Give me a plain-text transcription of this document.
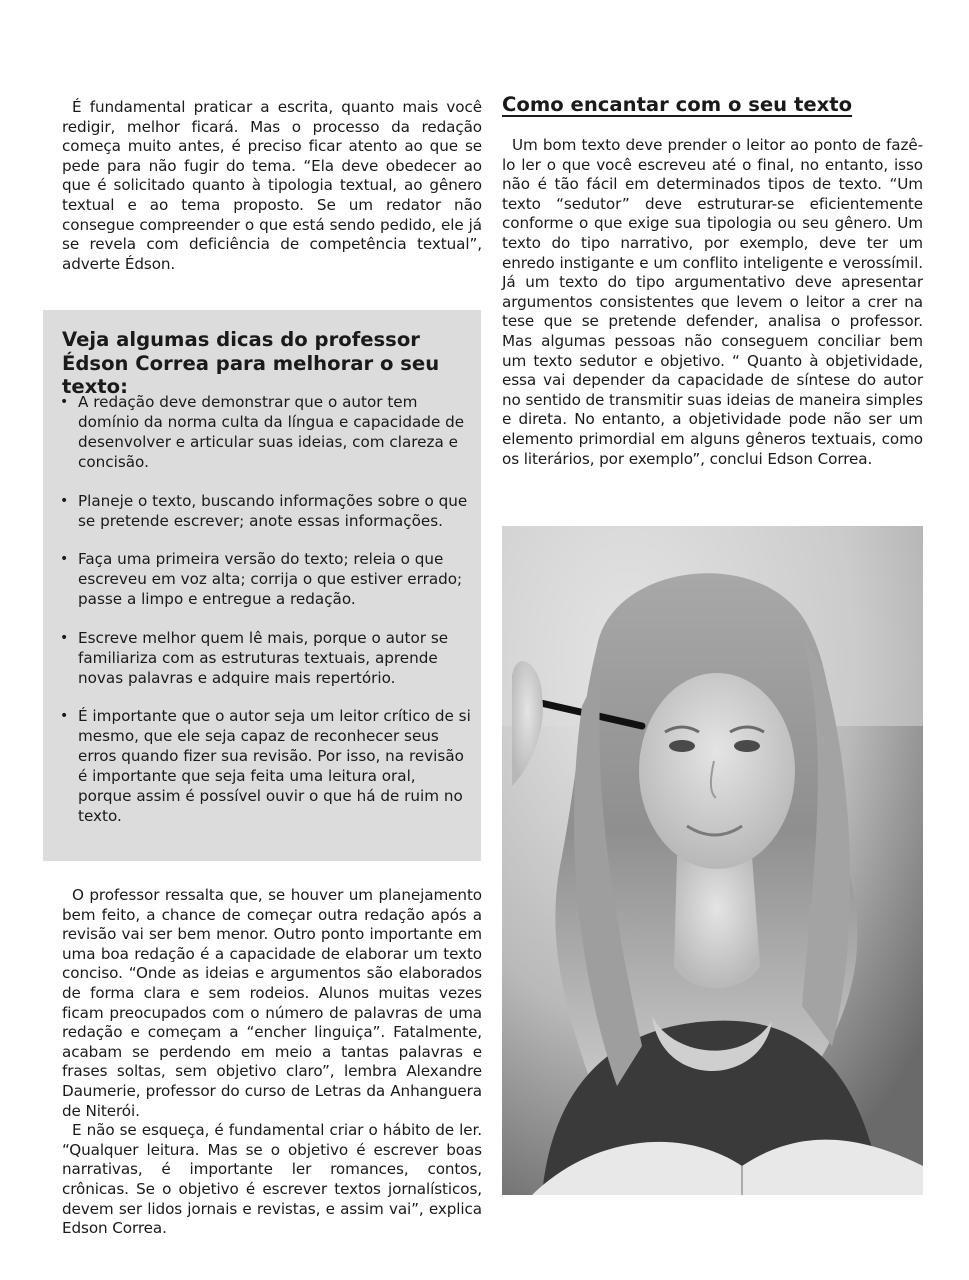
É fundamental praticar a escrita, quanto mais você redigir, melhor ficará. Mas o processo da redação começa muito antes, é preciso ficar atento ao que se pede para não fugir do tema. “Ela deve obedecer ao que é solicitado quanto à tipologia textual, ao gênero textual e ao tema proposto. Se um redator não consegue compreender o que está sendo pedido, ele já se revela com deficiência de competência textual”, adverte Édson.

Veja algumas dicas do professor Édson Correa para melhorar o seu texto:
• A redação deve demonstrar que o autor tem domínio da norma culta da língua e capacidade de desenvolver e articular suas ideias, com clareza e concisão.
• Planeje o texto, buscando informações sobre o que se pretende escrever; anote essas informações.
• Faça uma primeira versão do texto; releia o que escreveu em voz alta; corrija o que estiver errado; passe a limpo e entregue a redação.
• Escreve melhor quem lê mais, porque o autor se familiariza com as estruturas textuais, aprende novas palavras e adquire mais repertório.
• É importante que o autor seja um leitor crítico de si mesmo, que ele seja capaz de reconhecer seus erros quando fizer sua revisão. Por isso, na revisão é importante que seja feita uma leitura oral, porque assim é possível ouvir o que há de ruim no texto.

O professor ressalta que, se houver um planejamento bem feito, a chance de começar outra redação após a revisão vai ser bem menor. Outro ponto importante em uma boa redação é a capacidade de elaborar um texto conciso. “Onde as ideias e argumentos são elaborados de forma clara e sem rodeios. Alunos muitas vezes ficam preocupados com o número de palavras de uma redação e começam a “encher linguiça”. Fatalmente, acabam se perdendo em meio a tantas palavras e frases soltas, sem objetivo claro”, lembra Alexandre Daumerie, professor do curso de Letras da Anhanguera de Niterói.

E não se esqueça, é fundamental criar o hábito de ler. “Qualquer leitura. Mas se o objetivo é escrever boas narrativas, é importante ler romances, contos, crônicas. Se o objetivo é escrever textos jornalísticos, devem ser lidos jornais e revistas, e assim vai”, explica Edson Correa.

Como encantar com o seu texto

Um bom texto deve prender o leitor ao ponto de fazê-lo ler o que você escreveu até o final, no entanto, isso não é tão fácil em determinados tipos de texto. “Um texto “sedutor” deve estruturar-se eficientemente conforme o que exige sua tipologia ou seu gênero. Um texto do tipo narrativo, por exemplo, deve ter um enredo instigante e um conflito inteligente e verossímil. Já um texto do tipo argumentativo deve apresentar argumentos consistentes que levem o leitor a crer na tese que se pretende defender, analisa o professor. Mas algumas pessoas não conseguem conciliar bem um texto sedutor e objetivo. “ Quanto à objetividade, essa vai depender da capacidade de síntese do autor no sentido de transmitir suas ideias de maneira simples e direta. No entanto, a objetividade pode não ser um elemento primordial em alguns gêneros textuais, como os literários, por exemplo”, conclui Edson Correa.
